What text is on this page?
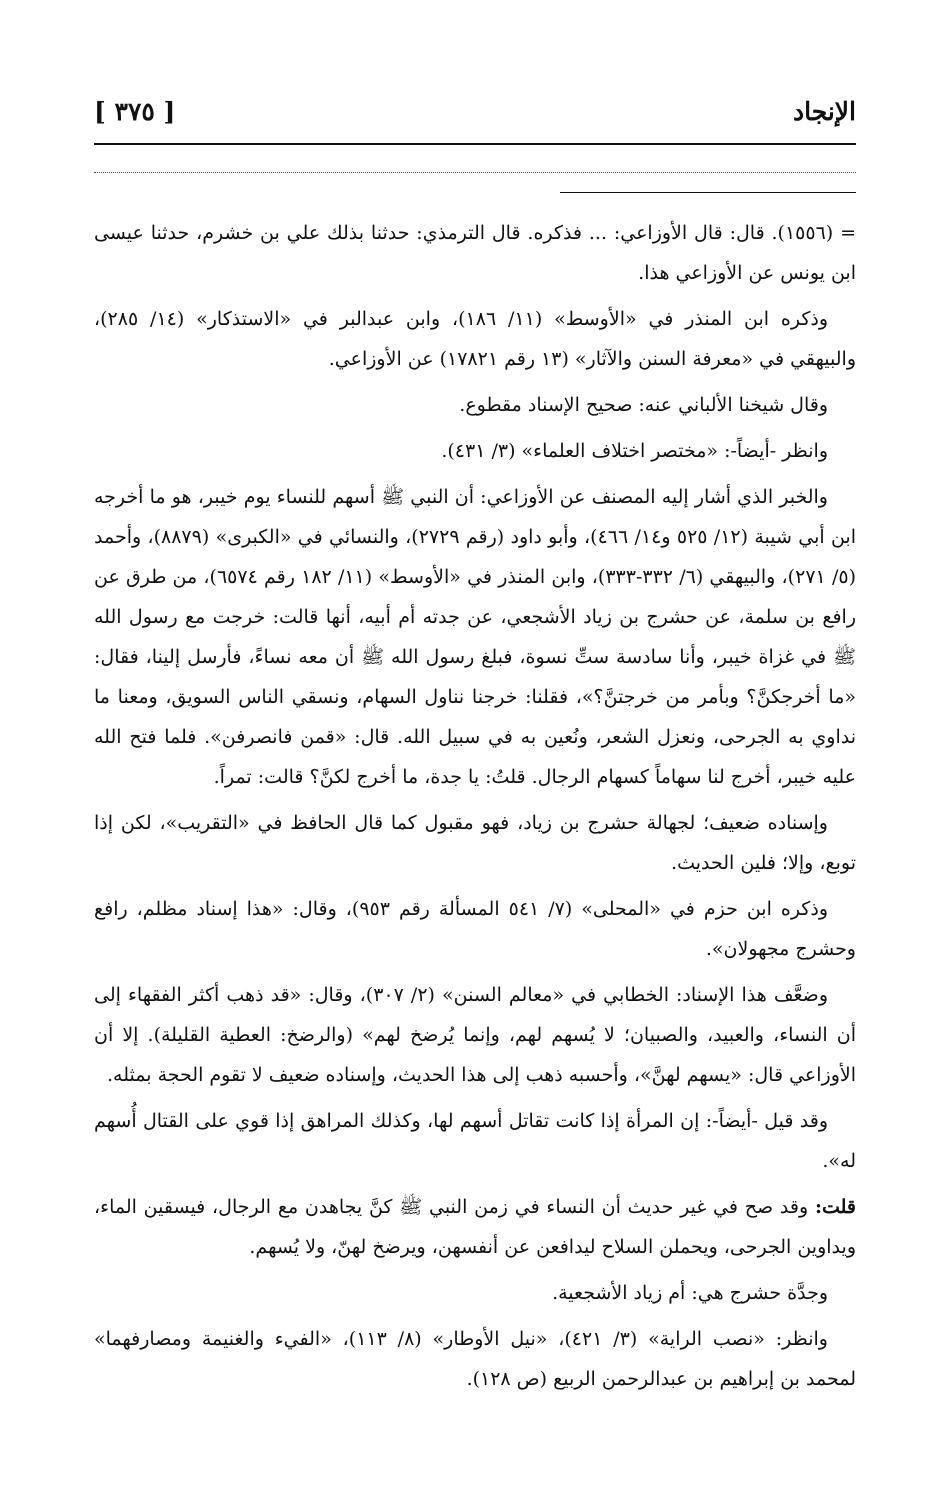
الإنجاد
[ ٣٧٥ ]

= (١٥٥٦). قال: قال الأوزاعي: ... فذكره. قال الترمذي: حدثنا بذلك علي بن خشرم، حدثنا عيسى ابن يونس عن الأوزاعي هذا.

وذكره ابن المنذر في «الأوسط» (١١/ ١٨٦)، وابن عبدالبر في «الاستذكار» (١٤/ ٢٨٥)، والبيهقي في «معرفة السنن والآثار» (١٣ رقم ١٧٨٢١) عن الأوزاعي.

وقال شيخنا الألباني عنه: صحيح الإسناد مقطوع.

وانظر -أيضاً-: «مختصر اختلاف العلماء» (٣/ ٤٣١).

والخبر الذي أشار إليه المصنف عن الأوزاعي: أن النبي ﷺ أسهم للنساء يوم خيبر، هو ما أخرجه ابن أبي شيبة (١٢/ ٥٢٥ و١٤/ ٤٦٦)، وأبو داود (رقم ٢٧٢٩)، والنسائي في «الكبرى» (٨٨٧٩)، وأحمد (٥/ ٢٧١)، والبيهقي (٦/ ٣٣٢-٣٣٣)، وابن المنذر في «الأوسط» (١١/ ١٨٢ رقم ٦٥٧٤)، من طرق عن رافع بن سلمة، عن حشرج بن زياد الأشجعي، عن جدته أم أبيه، أنها قالت: خرجت مع رسول الله ﷺ في غزاة خيبر، وأنا سادسة ستِّ نسوة، فبلغ رسول الله ﷺ أن معه نساءً، فأرسل إلينا، فقال: «ما أخرجكنَّ؟ وبأمر من خرجتنَّ؟»، فقلنا: خرجنا نناول السهام، ونسقي الناس السويق، ومعنا ما نداوي به الجرحى، ونعزل الشعر، ونُعين به في سبيل الله. قال: «قمن فانصرفن». فلما فتح الله عليه خيبر، أخرج لنا سهاماً كسهام الرجال. قلتُ: يا جدة، ما أخرج لكنَّ؟ قالت: تمراً.

وإسناده ضعيف؛ لجهالة حشرج بن زياد، فهو مقبول كما قال الحافظ في «التقريب»، لكن إذا توبع، وإلا؛ فلين الحديث.

وذكره ابن حزم في «المحلى» (٧/ ٥٤١ المسألة رقم ٩٥٣)، وقال: «هذا إسناد مظلم، رافع وحشرج مجهولان».

وضعَّف هذا الإسناد: الخطابي في «معالم السنن» (٢/ ٣٠٧)، وقال: «قد ذهب أكثر الفقهاء إلى أن النساء، والعبيد، والصبيان؛ لا يُسهم لهم، وإنما يُرضخ لهم» (والرضخ: العطية القليلة). إلا أن الأوزاعي قال: «يسهم لهنَّ»، وأحسبه ذهب إلى هذا الحديث، وإسناده ضعيف لا تقوم الحجة بمثله.

وقد قيل -أيضاً-: إن المرأة إذا كانت تقاتل أسهم لها، وكذلك المراهق إذا قوي على القتال أُسهم له».

قلت: وقد صح في غير حديث أن النساء في زمن النبي ﷺ كنَّ يجاهدن مع الرجال، فيسقين الماء، ويداوين الجرحى، ويحملن السلاح ليدافعن عن أنفسهن، ويرضخ لهنّ، ولا يُسهم.

وجدَّة حشرج هي: أم زياد الأشجعية.

وانظر: «نصب الراية» (٣/ ٤٢١)، «نيل الأوطار» (٨/ ١١٣)، «الفيء والغنيمة ومصارفهما» لمحمد بن إبراهيم بن عبدالرحمن الربيع (ص ١٢٨).
